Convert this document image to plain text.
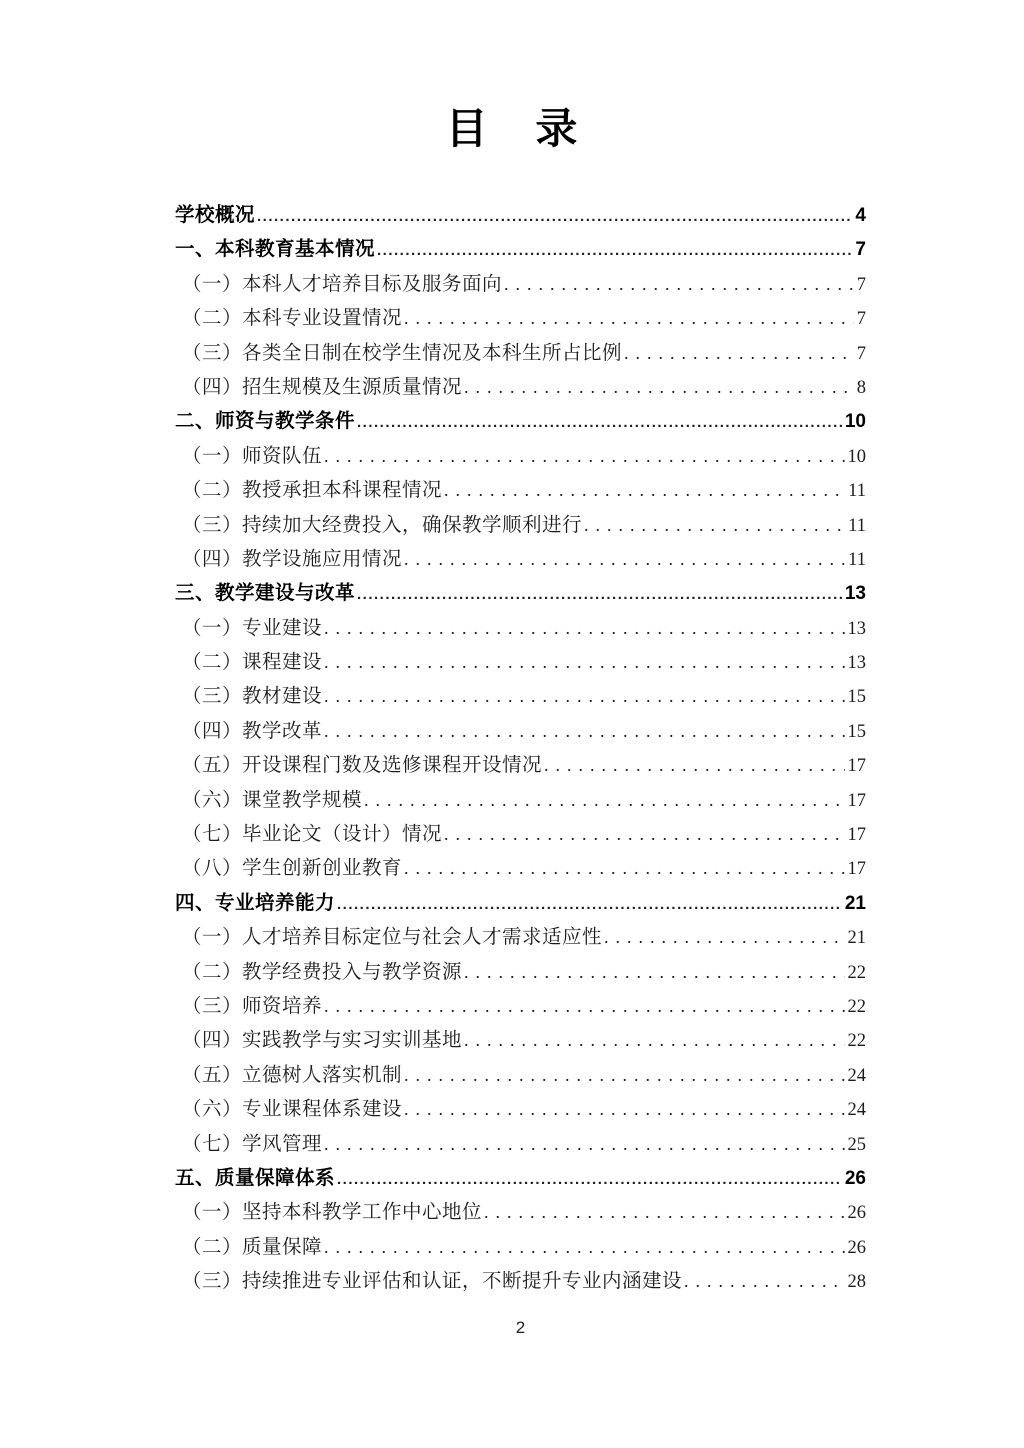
目 录
学校概况 .....	4
一、本科教育基本情况 .....	7
（一）本科人才培养目标及服务面向 .....	7
（二）本科专业设置情况 .....	7
（三）各类全日制在校学生情况及本科生所占比例 .....	7
（四）招生规模及生源质量情况 .....	8
二、师资与教学条件 .....	10
（一）师资队伍 .....	10
（二）教授承担本科课程情况 .....	11
（三）持续加大经费投入，确保教学顺利进行 .....	11
（四）教学设施应用情况 .....	11
三、教学建设与改革 .....	13
（一）专业建设 .....	13
（二）课程建设 .....	13
（三）教材建设 .....	15
（四）教学改革 .....	15
（五）开设课程门数及选修课程开设情况 .....	17
（六）课堂教学规模 .....	17
（七）毕业论文（设计）情况 .....	17
（八）学生创新创业教育 .....	17
四、专业培养能力 .....	21
（一）人才培养目标定位与社会人才需求适应性 .....	21
（二）教学经费投入与教学资源 .....	22
（三）师资培养 .....	22
（四）实践教学与实习实训基地 .....	22
（五）立德树人落实机制 .....	24
（六）专业课程体系建设 .....	24
（七）学风管理 .....	25
五、质量保障体系 .....	26
（一）坚持本科教学工作中心地位 .....	26
（二）质量保障 .....	26
（三）持续推进专业评估和认证，不断提升专业内涵建设 .....	28
2
